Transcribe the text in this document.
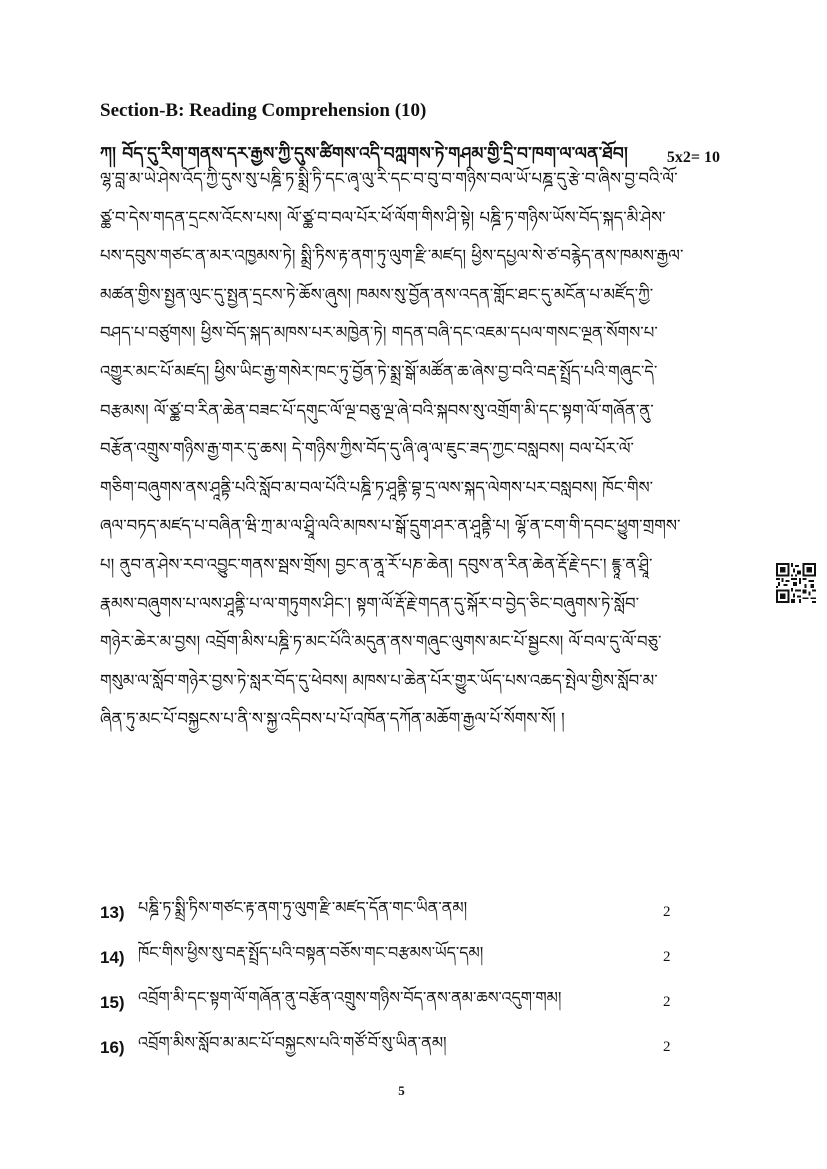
Section-B: Reading Comprehension (10)
ཀ། བོད་དུ་རིག་གནས་དར་རྒྱས་ཀྱི་དུས་ཚིགས་འདི་བཀླགས་ཏེ་གཤམ་གྱི་དྲི་བ་ཁག་ལ་ལན་ཐོབ། 5x2= 10
ལྷ་བླ་མ་ཡེ་ཤེས་འོད་ཀྱི་དུས་སུ་པཎྜི་ཏ་སྨྲི་ཏི་དང་ཞྭ་ལུ་རི་དང་བ་བུ་བ་གཉིས་བལ་ཡོ་པཎྜ་དུ་རྩེ་བ་ཞིས་བྱ་བའི་ལོ་
ཙྪ་བ་དེས་གདན་དྲངས་འོངས་པས། ལོ་ཙྪ་བ་བལ་པོར་ཕོ་ལོག་གིས་ཤི་སྟེ། པཎྜི་ཏ་གཉིས་ཡོས་བོད་སྐད་མི་ཤེས་
པས་དབུས་གཙང་ན་མར་འཁྱམས་ཏེ། སྨྲི་ཏིས་རྟ་ནག་ཏུ་ལུག་རྫི་མཛད། ཕྱིས་དཔྱལ་སེ་ཙ་བརྙེད་ནས་ཁམས་རྒྱལ་
མཚན་གྱིས་སྤྱན་ལུང་དུ་སྤྱན་དྲངས་ཏེ་ཆོས་ཞུས། ཁམས་སུ་བྱོན་ནས་འདན་གློང་ཐང་དུ་མངོན་པ་མཛོད་ཀྱི་
བཤད་པ་བཙུགས། ཕྱིས་བོད་སྐད་མཁས་པར་མཁྱེན་ཏེ། གདན་བཞི་དང་འཇམ་དཔལ་གསང་ལྔན་སོགས་པ་
འགྱུར་མང་པོ་མཛད། ཕྱིས་ཡིང་རྒྱ་གསེར་ཁང་ཏུ་བྱོན་ཏེ་སྨྲ་སྒོ་མཚོན་ཆ་ཞེས་བྱ་བའི་བརྡ་སྤྲོད་པའི་གཞུང་དེ་
བརྩམས། ལོ་ཙྪ་བ་རིན་ཆེན་བཟང་པོ་དགུང་ལོ་ལྔ་བཅུ་ལྔ་ཞེ་བའི་སྐབས་སུ་འགྲོག་མི་དང་སྟག་ལོ་གཞོན་ནུ་
བརྩོན་འགྲུས་གཉིས་རྒྱ་གར་དུ་ཆས། དེ་གཉིས་ཀྱིས་བོད་དུ་ཞི་ཞྭ་ལ་ཇུང་ཟད་ཀྱང་བསླབས། བལ་པོར་ལོ་
གཅིག་བཞུགས་ནས་ཤཱནྟི་པའི་སློབ་མ་བལ་པོའི་པཎྜི་ཏ་ཤཱནྟི་བྷ་དྲ་ལས་སྐད་ལེགས་པར་བསླབས། ཁོང་གིས་
ཞལ་བཏད་མཛད་པ་བཞིན་ཝི་ཀྲ་མ་ལ་ཤྲཱི་ལའི་མཁས་པ་སྒོ་དྲུག་ཤར་ན་ཤཱནྟི་པ། ལྷོ་ན་ངག་གི་དབང་ཕྱུག་གྲགས་
པ། ནུབ་ན་ཤེས་རབ་འབྱུང་གནས་སྦས་གྲོས། བྱང་ན་ནཱ་རོ་པཎ་ཆེན། དབུས་ན་རིན་ཆེན་རྡོ་རྗེ་དང་། ཇྙཱ་ན་ཤྲཱི་
རྣམས་བཞུགས་པ་ལས་ཤཱནྟི་པ་ལ་གཏུགས་ཤིང་། སྟག་ལོ་རྡོ་རྗེ་གདན་དུ་སྐོར་བ་བྱེད་ཅིང་བཞུགས་ཏེ་སློབ་
གཉེར་ཆེར་མ་བྱས། འབྲོག་མིས་པཎྜི་ཏ་མང་པོའི་མདུན་ནས་གཞུང་ལུགས་མང་པོ་སྦྱངས། ལོ་བལ་དུ་ལོ་བཅུ་
གསུམ་ལ་སློབ་གཉེར་བྱས་ཏེ་སླར་བོད་དུ་ཕེབས། མཁས་པ་ཆེན་པོར་གྱུར་ཡོད་པས་འཆད་སྤེལ་གྱིས་སློབ་མ་
ཞིན་ཏུ་མང་པོ་བསྐྱངས་པ་ནི་ས་སྐྱ་འདིབས་པ་པོ་འཁོན་དཀོན་མཆོག་རྒྱལ་པོ་སོགས་སོ། །
13) པཎྜི་ཏ་སྨྲི་ཏིས་གཙང་རྟ་ནག་ཏུ་ལུག་རྫི་མཛད་དོན་གང་ཡིན་ནམ།	2
14) ཁོང་གིས་ཕྱིས་སུ་བརྡ་སྤྲོད་པའི་བསྟན་བཅོས་གང་བརྩམས་ཡོད་དམ།	2
15) འབྲོག་མི་དང་སྟག་ལོ་གཞོན་ནུ་བརྩོན་འགྲུས་གཉིས་བོད་ནས་ནམ་ཆས་འདུག་གམ།	2
16) འབྲོག་མིས་སློབ་མ་མང་པོ་བསྐྱངས་པའི་གཙོ་བོ་སུ་ཡིན་ནམ།	2
5
